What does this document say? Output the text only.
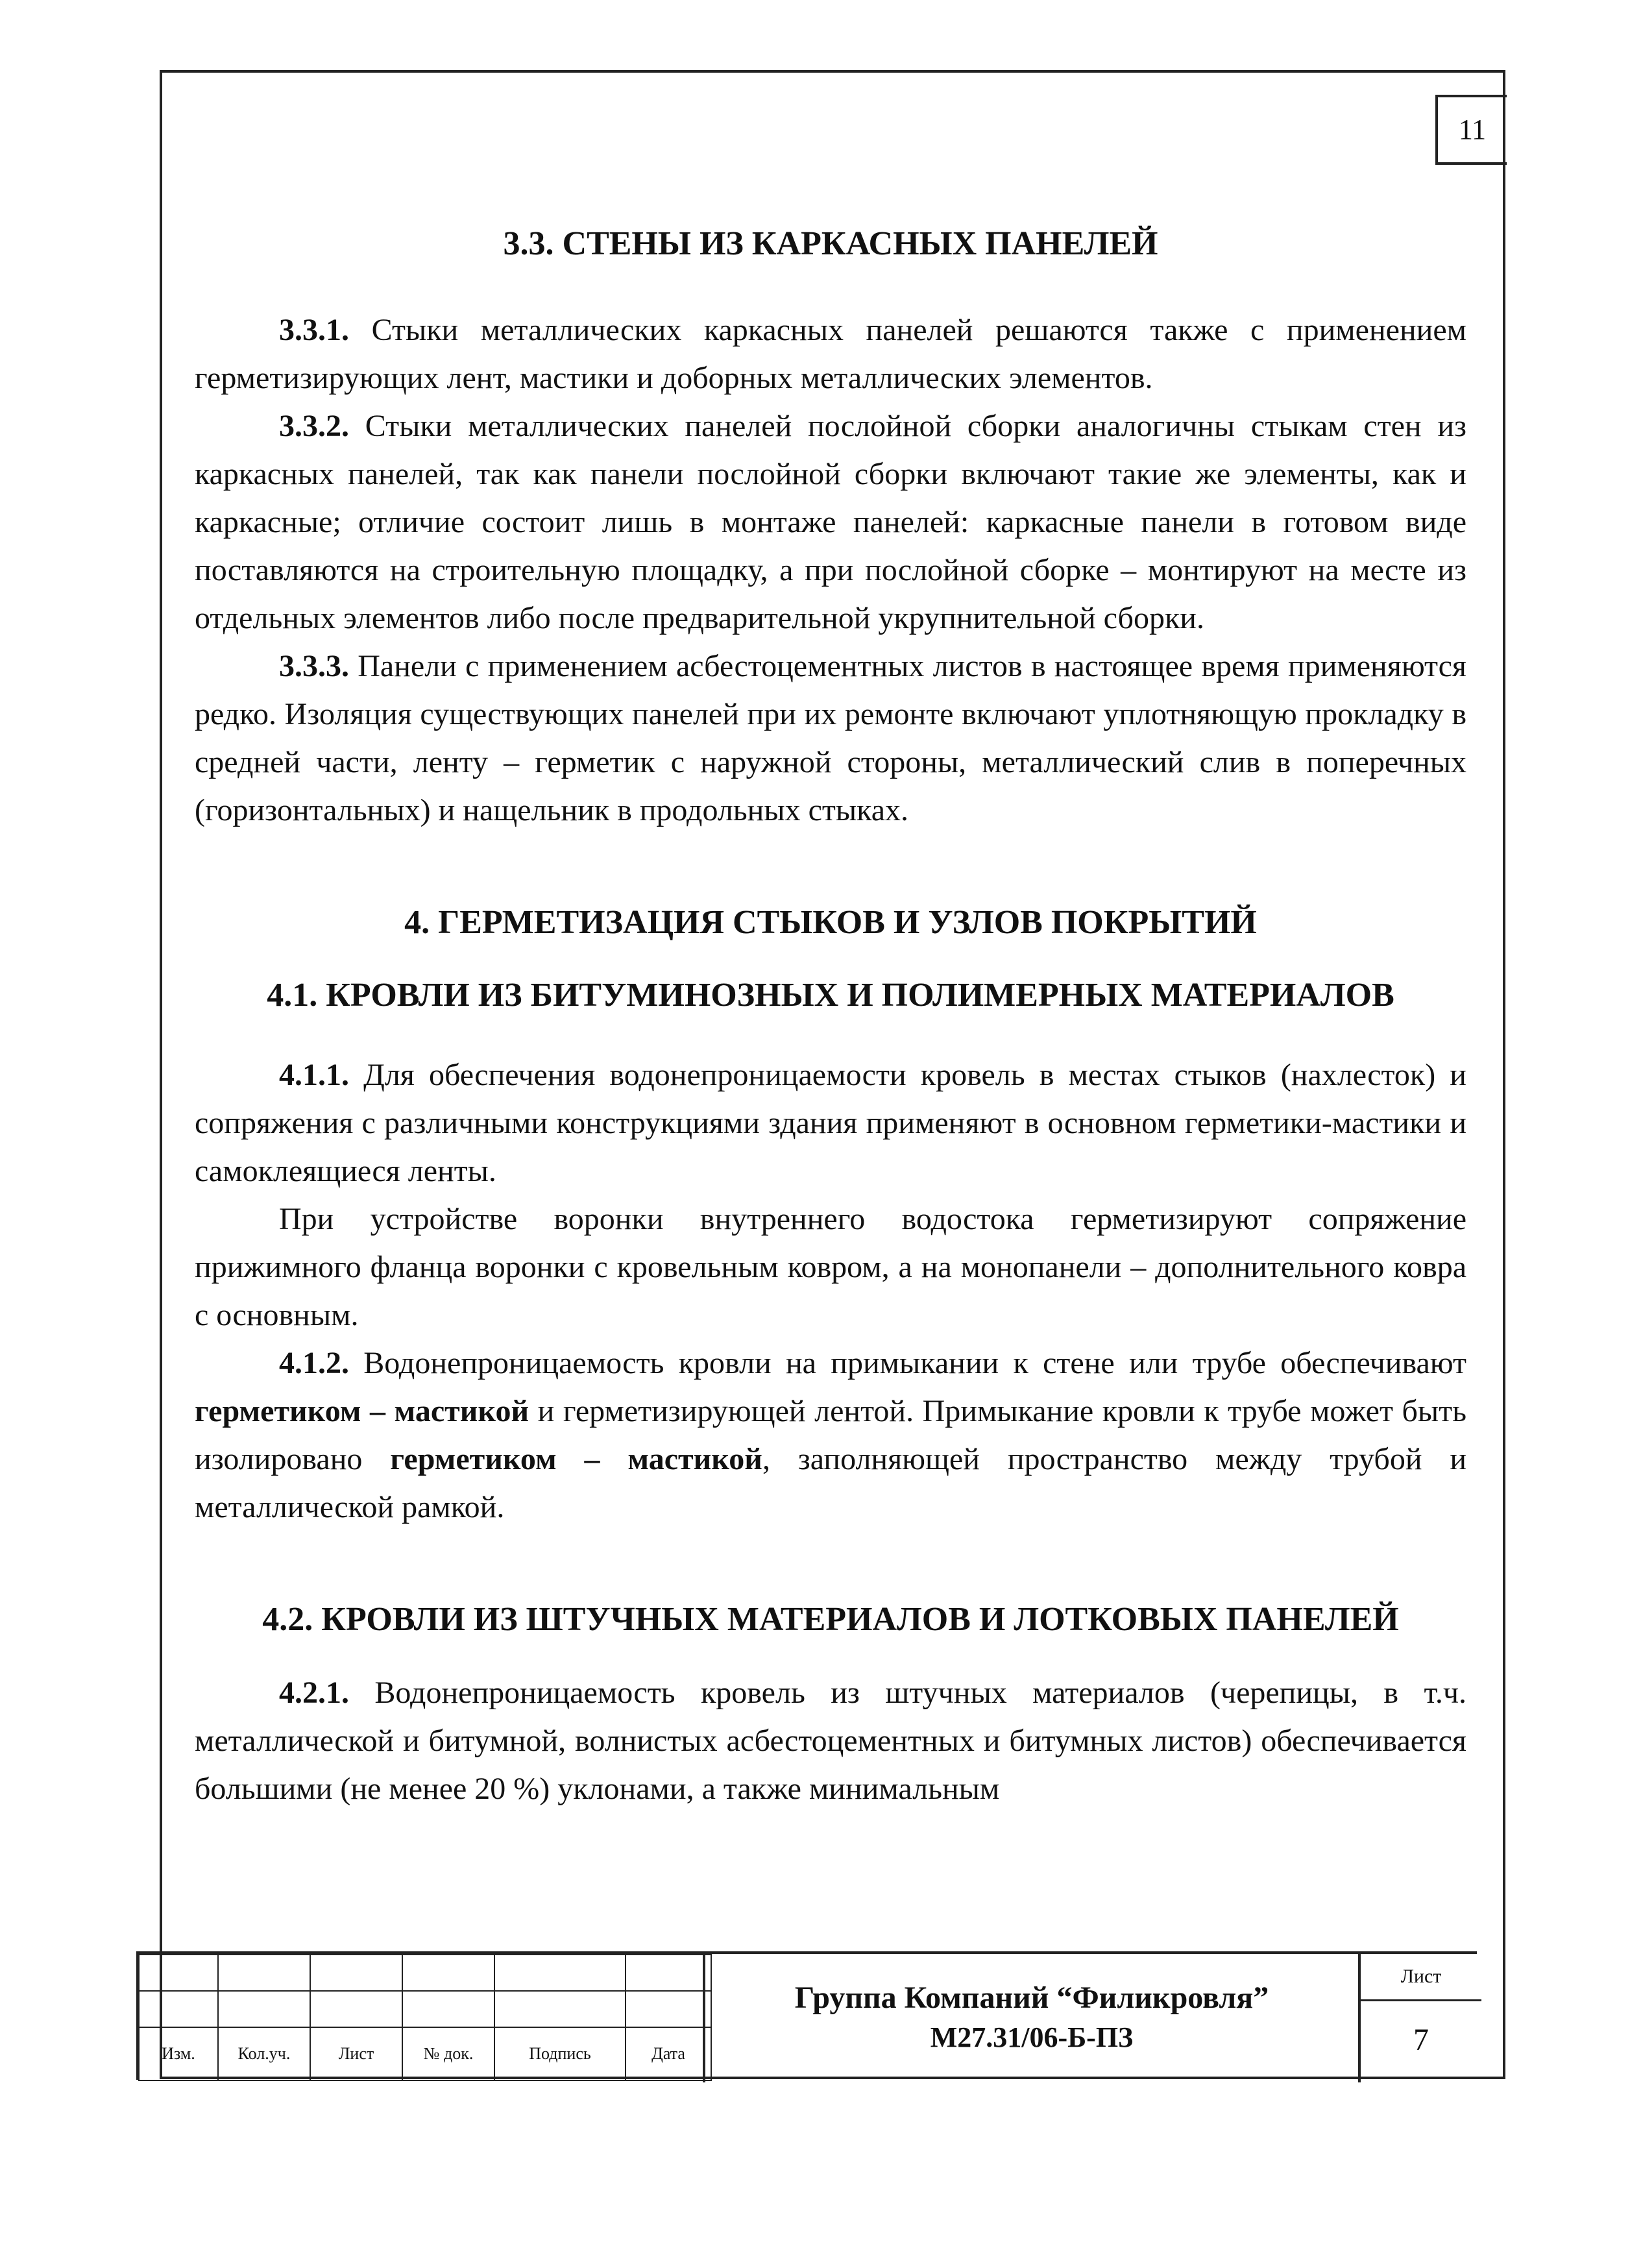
11
3.3. СТЕНЫ ИЗ КАРКАСНЫХ ПАНЕЛЕЙ

3.3.1. Стыки металлических каркасных панелей решаются также с применением герметизирующих лент, мастики и доборных металлических элементов.

3.3.2. Стыки металлических панелей послойной сборки аналогичны стыкам стен из каркасных панелей, так как панели послойной сборки включают такие же элементы, как и каркасные; отличие состоит лишь в монтаже панелей: каркасные панели в готовом виде поставляются на строительную площадку, а при послойной сборке – монтируют на месте из отдельных элементов либо после предварительной укрупнительной сборки.

3.3.3. Панели с применением асбестоцементных листов в настоящее время применяются редко. Изоляция существующих панелей при их ремонте включают уплотняющую прокладку в средней части, ленту – герметик с наружной стороны, металлический слив в поперечных (горизонтальных) и нащельник в продольных стыках.

4. ГЕРМЕТИЗАЦИЯ СТЫКОВ И УЗЛОВ ПОКРЫТИЙ
4.1. КРОВЛИ ИЗ БИТУМИНОЗНЫХ И ПОЛИМЕРНЫХ МАТЕРИАЛОВ

4.1.1. Для обеспечения водонепроницаемости кровель в местах стыков (нахлесток) и сопряжения с различными конструкциями здания применяют в основном герметики-мастики и самоклеящиеся ленты.

При устройстве воронки внутреннего водостока герметизируют сопряжение прижимного фланца воронки с кровельным ковром, а на монопанели – дополнительного ковра с основным.

4.1.2. Водонепроницаемость кровли на примыкании к стене или трубе обеспечивают герметиком – мастикой и герметизирующей лентой. Примыкание кровли к трубе может быть изолировано герметиком – мастикой, заполняющей пространство между трубой и металлической рамкой.

4.2. КРОВЛИ ИЗ ШТУЧНЫХ МАТЕРИАЛОВ И ЛОТКОВЫХ ПАНЕЛЕЙ

4.2.1. Водонепроницаемость кровель из штучных материалов (черепицы, в т.ч. металлической и битумной, волнистых асбестоцементных и битумных листов) обеспечивается большими (не менее 20 %) уклонами, а также минимальным

Изм.	Кол.уч.	Лист	№ док.	Подпись	Дата
Группа Компаний “Филикровля”
М27.31/06-Б-ПЗ
Лист
7
